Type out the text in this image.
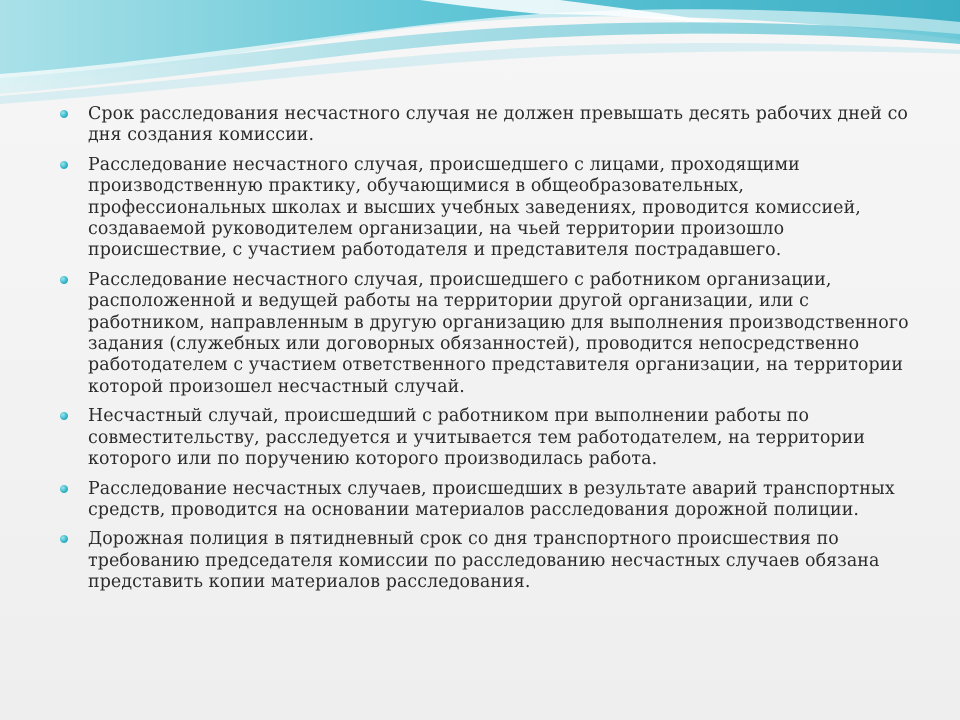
Срок расследования несчастного случая не должен превышать десять рабочих дней со дня создания комиссии.
Расследование несчастного случая, происшедшего с лицами, проходящими производственную практику, обучающимися в общеобразовательных, профессиональных школах и высших учебных заведениях, проводится комиссией, создаваемой руководителем организации, на чьей территории произошло происшествие, с участием работодателя и представителя пострадавшего.
Расследование несчастного случая, происшедшего с работником организации, расположенной и ведущей работы на территории другой организации, или с работником, направленным в другую организацию для выполнения производственного задания (служебных или договорных обязанностей), проводится непосредственно работодателем с участием ответственного представителя организации, на территории которой произошел несчастный случай.
Несчастный случай, происшедший с работником при выполнении работы по совместительству, расследуется и учитывается тем работодателем, на территории которого или по поручению которого производилась работа.
Расследование несчастных случаев, происшедших в результате аварий транспортных средств, проводится на основании материалов расследования дорожной полиции.
Дорожная полиция в пятидневный срок со дня транспортного происшествия по требованию председателя комиссии по расследованию несчастных случаев обязана представить копии материалов расследования.
